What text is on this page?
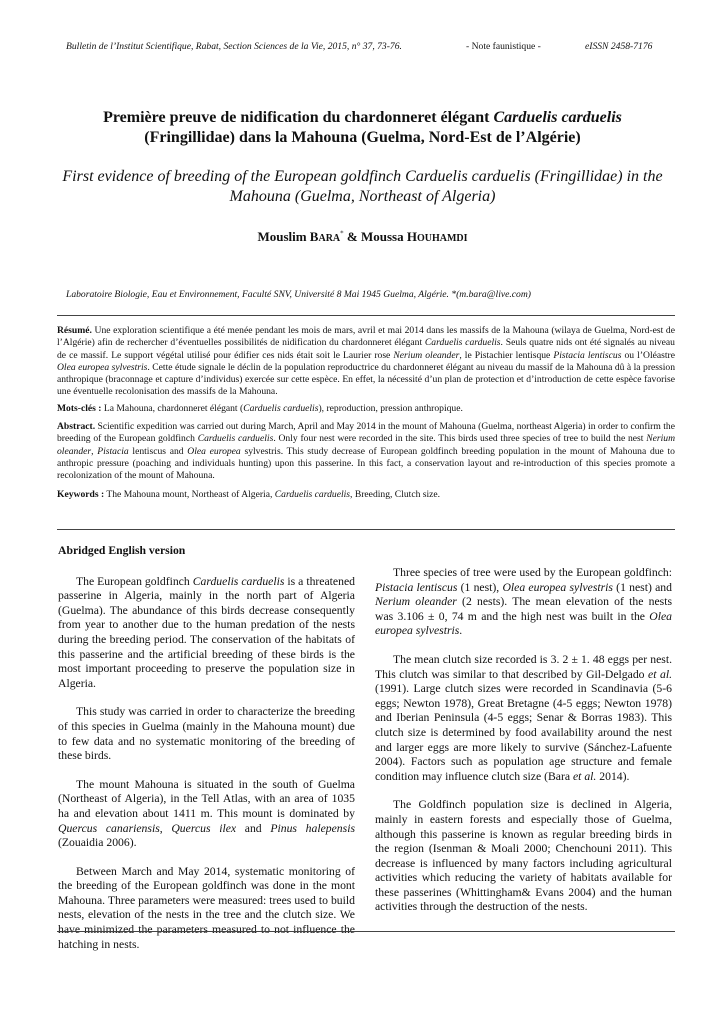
Bulletin de l’Institut Scientifique, Rabat, Section Sciences de la Vie, 2015, n° 37, 73-76.	- Note faunistique -	eISSN 2458-7176
Première preuve de nidification du chardonneret élégant Carduelis carduelis
(Fringillidae) dans la Mahouna (Guelma, Nord-Est de l’Algérie)
First evidence of breeding of the European goldfinch Carduelis carduelis (Fringillidae) in the Mahouna (Guelma, Northeast of Algeria)
Mouslim BARA* & Moussa HOUHAMDI
Laboratoire Biologie, Eau et Environnement, Faculté SNV, Université 8 Mai 1945 Guelma, Algérie. *(m.bara@live.com)

Résumé. Une exploration scientifique a été menée pendant les mois de mars, avril et mai 2014 dans les massifs de la Mahouna (wilaya de Guelma, Nord-est de l’Algérie) afin de rechercher d’éventuelles possibilités de nidification du chardonneret élégant Carduelis carduelis. Seuls quatre nids ont été signalés au niveau de ce massif. Le support végétal utilisé pour édifier ces nids était soit le Laurier rose Nerium oleander, le Pistachier lentisque Pistacia lentiscus ou l’Oléastre Olea europea sylvestris. Cette étude signale le déclin de la population reproductrice du chardonneret élégant au niveau du massif de la Mahouna dû à la pression anthropique (braconnage et capture d’individus) exercée sur cette espèce. En effet, la nécessité d’un plan de protection et d’introduction de cette espèce favorise une éventuelle recolonisation des massifs de la Mahouna.

Mots-clés : La Mahouna, chardonneret élégant (Carduelis carduelis), reproduction, pression anthropique.

Abstract. Scientific expedition was carried out during March, April and May 2014 in the mount of Mahouna (Guelma, northeast Algeria) in order to confirm the breeding of the European goldfinch Carduelis carduelis. Only four nest were recorded in the site. This birds used three species of tree to build the nest Nerium oleander, Pistacia lentiscus and Olea europea sylvestris. This study decrease of European goldfinch breeding population in the mount of Mahouna due to anthropic pressure (poaching and individuals hunting) upon this passerine. In this fact, a conservation layout and re-introduction of this species promote a recolonization of the mount of Mahouna.

Keywords : The Mahouna mount, Northeast of Algeria, Carduelis carduelis, Breeding, Clutch size.

Abridged English version

The European goldfinch Carduelis carduelis is a threatened passerine in Algeria, mainly in the north part of Algeria (Guelma). The abundance of this birds decrease consequently from year to another due to the human predation of the nests during the breeding period. The conservation of the habitats of this passerine and the artificial breeding of these birds is the most important proceeding to preserve the population size in Algeria.

This study was carried in order to characterize the breeding of this species in Guelma (mainly in the Mahouna mount) due to few data and no systematic monitoring of the breeding of these birds.

The mount Mahouna is situated in the south of Guelma (Northeast of Algeria), in the Tell Atlas, with an area of 1035 ha and elevation about 1411 m. This mount is dominated by Quercus canariensis, Quercus ilex and Pinus halepensis (Zouaidia 2006).

Between March and May 2014, systematic monitoring of the breeding of the European goldfinch was done in the mont Mahouna. Three parameters were measured: trees used to build nests, elevation of the nests in the tree and the clutch size. We have minimized the parameters measured to not influence the hatching in nests.

Three species of tree were used by the European goldfinch: Pistacia lentiscus (1 nest), Olea europea sylvestris (1 nest) and Nerium oleander (2 nests). The mean elevation of the nests was 3.106 ± 0, 74 m and the high nest was built in the Olea europea sylvestris.

The mean clutch size recorded is 3. 2 ± 1. 48 eggs per nest. This clutch was similar to that described by Gil-Delgado et al. (1991). Large clutch sizes were recorded in Scandinavia (5-6 eggs; Newton 1978), Great Bretagne (4-5 eggs; Newton 1978) and Iberian Peninsula (4-5 eggs; Senar & Borras 1983). This clutch size is determined by food availability around the nest and larger eggs are more likely to survive (Sánchez-Lafuente 2004). Factors such as population age structure and female condition may influence clutch size (Bara et al. 2014).

The Goldfinch population size is declined in Algeria, mainly in eastern forests and especially those of Guelma, although this passerine is known as regular breeding birds in the region (Isenman & Moali 2000; Chenchouni 2011). This decrease is influenced by many factors including agricultural activities which reducing the variety of habitats available for these passerines (Whittingham& Evans 2004) and the human activities through the destruction of the nests.
